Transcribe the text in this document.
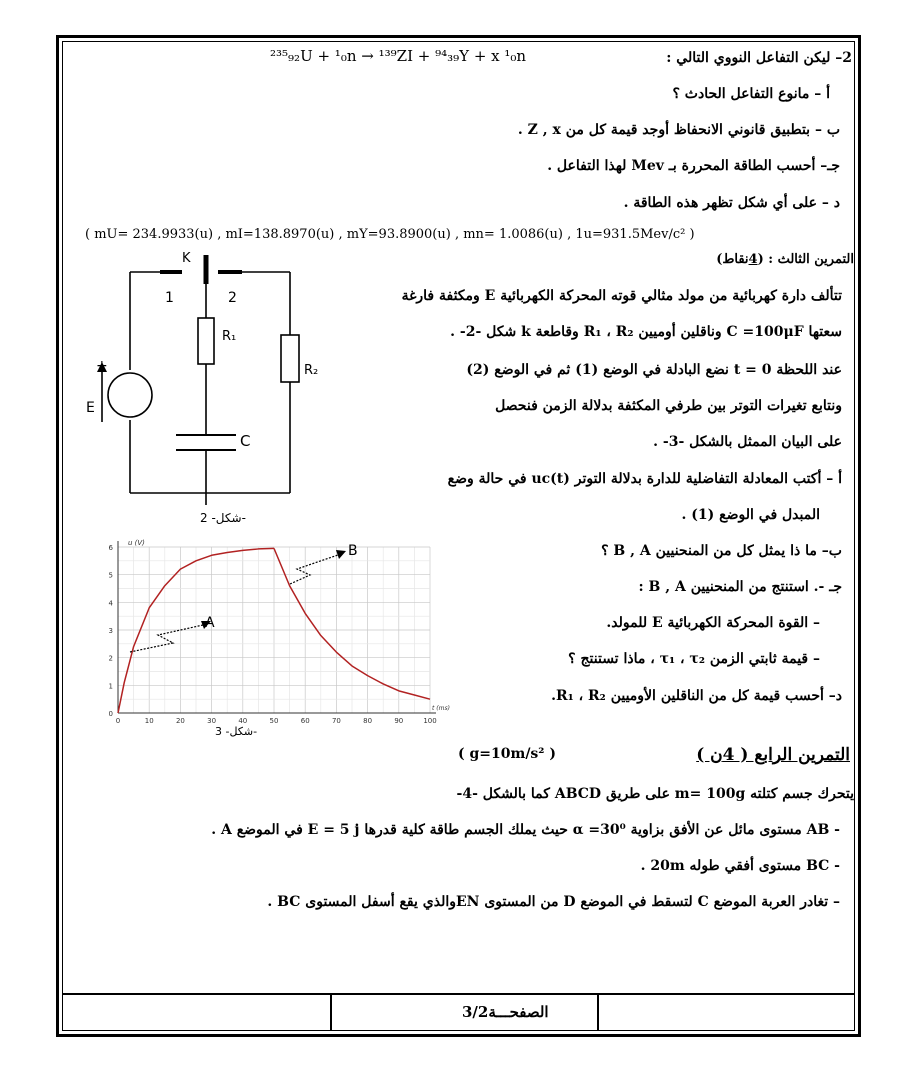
²³⁵₉₂U + ¹₀n → ¹³⁹ZI + ⁹⁴₃₉Y + x ¹₀n	2– ليكن التفاعل النووي التالي :
أ – مانوع التفاعل الحادث ؟
ب – بتطبيق قانوني الانحفاظ أوجد قيمة كل من Z , x .
جـ– أحسب الطاقة المحررة بـ Mev لهذا التفاعل .
د – على أي شكل تظهر هذه الطاقة .
( mU= 234.9933(u) , mI=138.8970(u) , mY=93.8900(u) , mn= 1.0086(u) , 1u=931.5Mev/c² )
التمرين الثالث : (4نقاط)
تتألف دارة كهربائية من مولد مثالي قوته المحركة الكهربائية E ومكثفة فارغة
سعتها C =100μF وناقلين أوميين R₁ ، R₂ وقاطعة k شكل -2- .
عند اللحظة t = 0 نضع البادلة في الوضع (1) ثم في الوضع (2)
ونتابع تغيرات التوتر بين طرفي المكثفة بدلالة الزمن فنحصل
على البيان الممثل بالشكل -3- .
أ – أكتب المعادلة التفاضلية للدارة بدلالة التوتر uc(t) في حالة وضع
المبدل في الوضع (1) .
ب– ما ذا يمثل كل من المنحنيين B , A ؟
جـ -. استنتج من المنحنيين B , A :
– القوة المحركة الكهربائية E للمولد.
– قيمة ثابتي الزمن τ₁ ، τ₂ ، ماذا تستنتج ؟
د– أحسب قيمة كل من الناقلين الأوميين R₁ ، R₂.
K
1	2
R₁
R₂
C
E
+
شكل- 2-
0	10	20	30	40	50	60	70	80	90	100
0
1
2
3
4
5
6
u (V)
t (ms)
A
B
شكل- 3-
التمرين الرابع ( 4ن )
( g=10m/s² )
يتحرك جسم كتلته m= 100g على طريق ABCD كما بالشكل -4-
- AB مستوى مائل عن الأفق بزاوية α =30⁰ حيث يملك الجسم طاقة كلية قدرها E = 5 j في الموضع A .
- BC مستوى أفقي طوله 20m .
– تغادر العربة الموضع C لتسقط في الموضع D من المستوى ENوالذي يقع أسفل المستوى BC .
الصفحـــة3/2
